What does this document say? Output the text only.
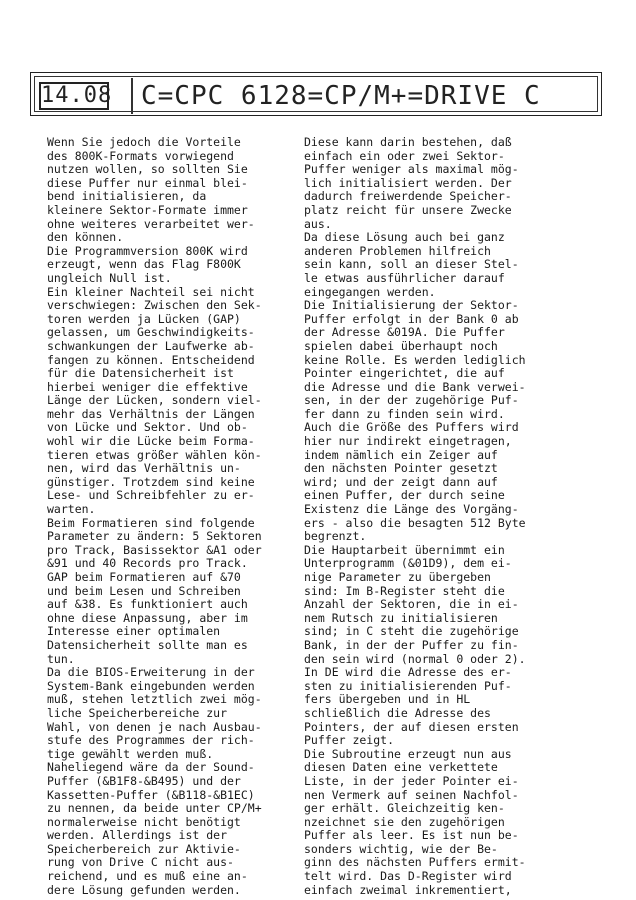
14.08 C=CPC 6128=CP/M+=DRIVE C
Wenn Sie jedoch die Vorteile
des 800K-Formats vorwiegend
nutzen wollen, so sollten Sie
diese Puffer nur einmal blei-
bend initialisieren, da
kleinere Sektor-Formate immer
ohne weiteres verarbeitet wer-
den können.
Die Programmversion 800K wird
erzeugt, wenn das Flag F800K
ungleich Null ist.
Ein kleiner Nachteil sei nicht
verschwiegen: Zwischen den Sek-
toren werden ja Lücken (GAP)
gelassen, um Geschwindigkeits-
schwankungen der Laufwerke ab-
fangen zu können. Entscheidend
für die Datensicherheit ist
hierbei weniger die effektive
Länge der Lücken, sondern viel-
mehr das Verhältnis der Längen
von Lücke und Sektor. Und ob-
wohl wir die Lücke beim Forma-
tieren etwas größer wählen kön-
nen, wird das Verhältnis un-
günstiger. Trotzdem sind keine
Lese- und Schreibfehler zu er-
warten.
Beim Formatieren sind folgende
Parameter zu ändern: 5 Sektoren
pro Track, Basissektor &A1 oder
&91 und 40 Records pro Track.
GAP beim Formatieren auf &70
und beim Lesen und Schreiben
auf &38. Es funktioniert auch
ohne diese Anpassung, aber im
Interesse einer optimalen
Datensicherheit sollte man es
tun.
Da die BIOS-Erweiterung in der
System-Bank eingebunden werden
muß, stehen letztlich zwei mög-
liche Speicherbereiche zur
Wahl, von denen je nach Ausbau-
stufe des Programmes der rich-
tige gewählt werden muß.
Naheliegend wäre da der Sound-
Puffer (&B1F8-&B495) und der
Kassetten-Puffer (&B118-&B1EC)
zu nennen, da beide unter CP/M+
normalerweise nicht benötigt
werden. Allerdings ist der
Speicherbereich zur Aktivie-
rung von Drive C nicht aus-
reichend, und es muß eine an-
dere Lösung gefunden werden.
Diese kann darin bestehen, daß
einfach ein oder zwei Sektor-
Puffer weniger als maximal mög-
lich initialisiert werden. Der
dadurch freiwerdende Speicher-
platz reicht für unsere Zwecke
aus.
Da diese Lösung auch bei ganz
anderen Problemen hilfreich
sein kann, soll an dieser Stel-
le etwas ausführlicher darauf
eingegangen werden.
Die Initialisierung der Sektor-
Puffer erfolgt in der Bank 0 ab
der Adresse &019A. Die Puffer
spielen dabei überhaupt noch
keine Rolle. Es werden lediglich
Pointer eingerichtet, die auf
die Adresse und die Bank verwei-
sen, in der der zugehörige Puf-
fer dann zu finden sein wird.
Auch die Größe des Puffers wird
hier nur indirekt eingetragen,
indem nämlich ein Zeiger auf
den nächsten Pointer gesetzt
wird; und der zeigt dann auf
einen Puffer, der durch seine
Existenz die Länge des Vorgäng-
ers - also die besagten 512 Byte
begrenzt.
Die Hauptarbeit übernimmt ein
Unterprogramm (&01D9), dem ei-
nige Parameter zu übergeben
sind: Im B-Register steht die
Anzahl der Sektoren, die in ei-
nem Rutsch zu initialisieren
sind; in C steht die zugehörige
Bank, in der der Puffer zu fin-
den sein wird (normal 0 oder 2).
In DE wird die Adresse des er-
sten zu initialisierenden Puf-
fers übergeben und in HL
schließlich die Adresse des
Pointers, der auf diesen ersten
Puffer zeigt.
Die Subroutine erzeugt nun aus
diesen Daten eine verkettete
Liste, in der jeder Pointer ei-
nen Vermerk auf seinen Nachfol-
ger erhält. Gleichzeitig ken-
nzeichnet sie den zugehörigen
Puffer als leer. Es ist nun be-
sonders wichtig, wie der Be-
ginn des nächsten Puffers ermit-
telt wird. Das D-Register wird
einfach zweimal inkrementiert,
